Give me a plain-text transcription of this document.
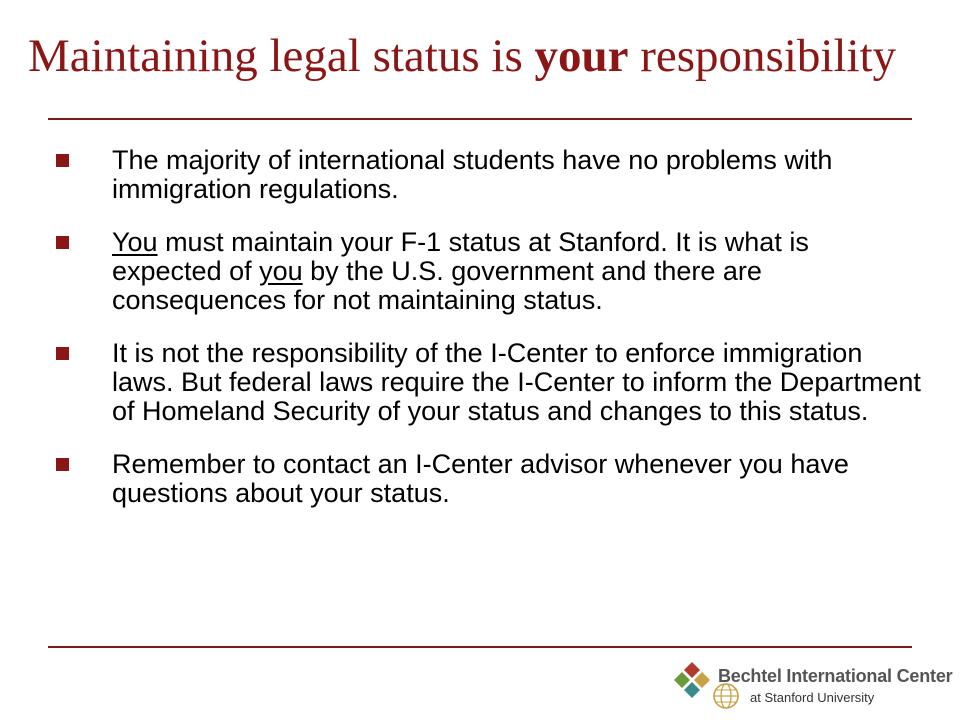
Maintaining legal status is your responsibility
The majority of international students have no problems with immigration regulations.
You must maintain your F-1 status at Stanford. It is what is expected of you by the U.S. government and there are consequences for not maintaining status.
It is not the responsibility of the I-Center to enforce immigration laws. But federal laws require the I-Center to inform the Department of Homeland Security of your status and changes to this status.
Remember to contact an I-Center advisor whenever you have questions about your status.
Bechtel International Center
at Stanford University
